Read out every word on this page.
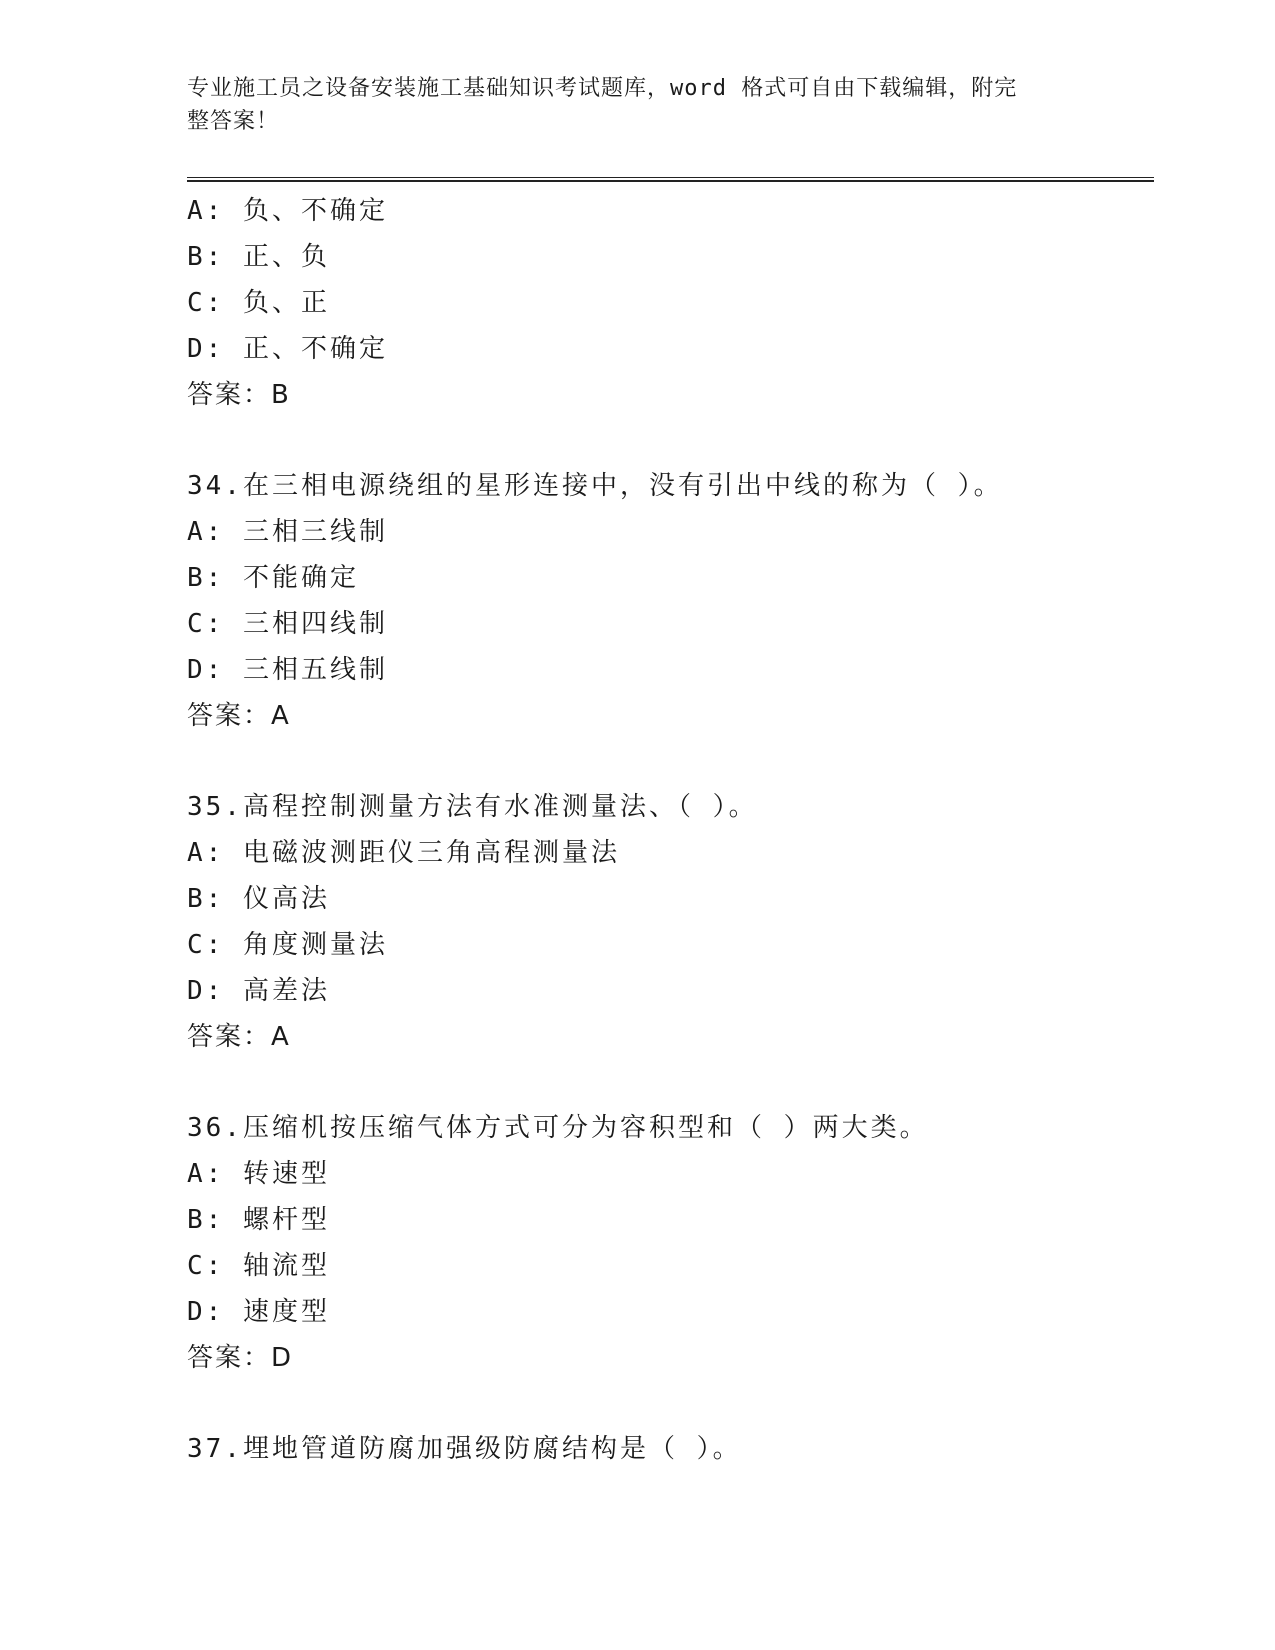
专业施工员之设备安装施工基础知识考试题库，word 格式可自由下载编辑，附完
整答案！
A: 负、不确定
B: 正、负
C: 负、正
D: 正、不确定
答案：B
34.在三相电源绕组的星形连接中，没有引出中线的称为（ ）。
A: 三相三线制
B: 不能确定
C: 三相四线制
D: 三相五线制
答案：A
35.高程控制测量方法有水准测量法、（ ）。
A: 电磁波测距仪三角高程测量法
B: 仪高法
C: 角度测量法
D: 高差法
答案：A
36.压缩机按压缩气体方式可分为容积型和（ ）两大类。
A: 转速型
B: 螺杆型
C: 轴流型
D: 速度型
答案：D
37.埋地管道防腐加强级防腐结构是（ ）。
